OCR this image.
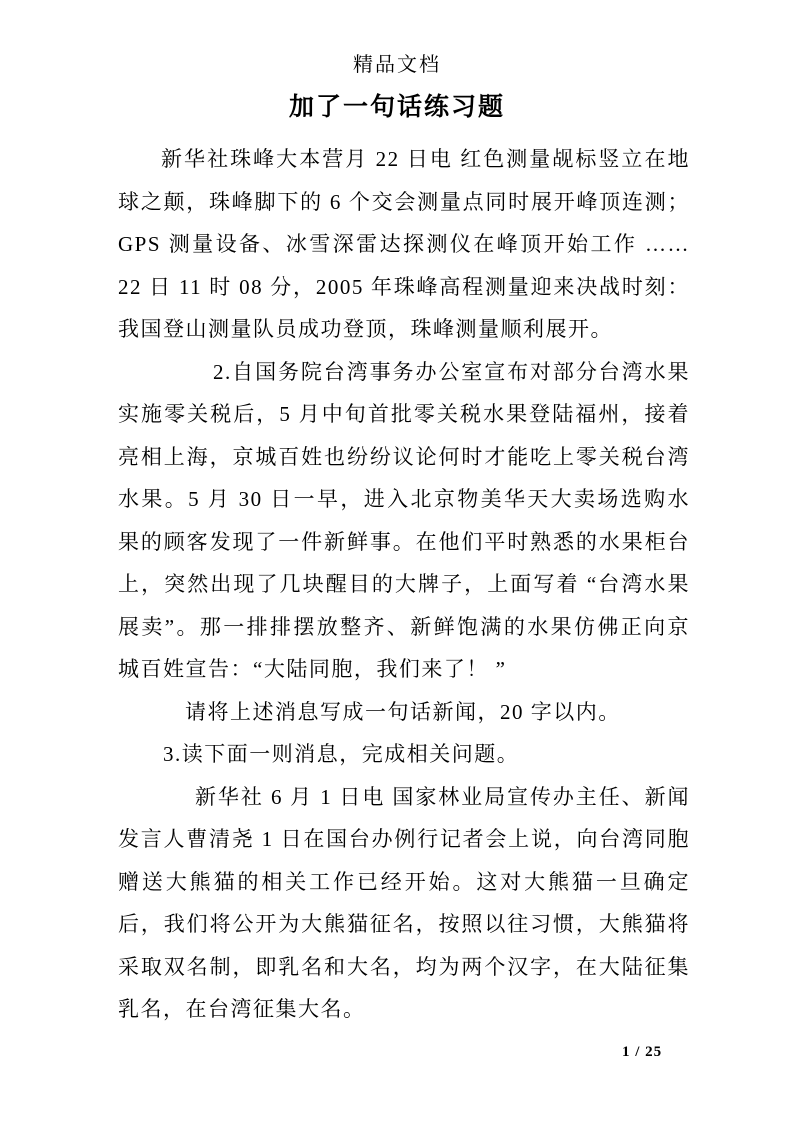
精品文档
加了一句话练习题

新华社珠峰大本营月 22 日电 红色测量觇标竖立在地球之颠，珠峰脚下的 6 个交会测量点同时展开峰顶连测； GPS 测量设备、冰雪深雷达探测仪在峰顶开始工作 ……22 日 11 时 08 分，2005 年珠峰高程测量迎来决战时刻：我国登山测量队员成功登顶，珠峰测量顺利展开。

2.自国务院台湾事务办公室宣布对部分台湾水果实施零关税后，5 月中旬首批零关税水果登陆福州，接着亮相上海，京城百姓也纷纷议论何时才能吃上零关税台湾水果。5 月 30 日一早，进入北京物美华天大卖场选购水果的顾客发现了一件新鲜事。在他们平时熟悉的水果柜台上，突然出现了几块醒目的大牌子，上面写着 “台湾水果展卖”。那一排排摆放整齐、新鲜饱满的水果仿佛正向京城百姓宣告：“大陆同胞，我们来了！ ”

请将上述消息写成一句话新闻，20 字以内。

3.读下面一则消息，完成相关问题。

新华社 6 月 1 日电 国家林业局宣传办主任、新闻发言人曹清尧 1 日在国台办例行记者会上说，向台湾同胞赠送大熊猫的相关工作已经开始。这对大熊猫一旦确定后，我们将公开为大熊猫征名，按照以往习惯，大熊猫将采取双名制，即乳名和大名，均为两个汉字，在大陆征集乳名，在台湾征集大名。

1 / 25
